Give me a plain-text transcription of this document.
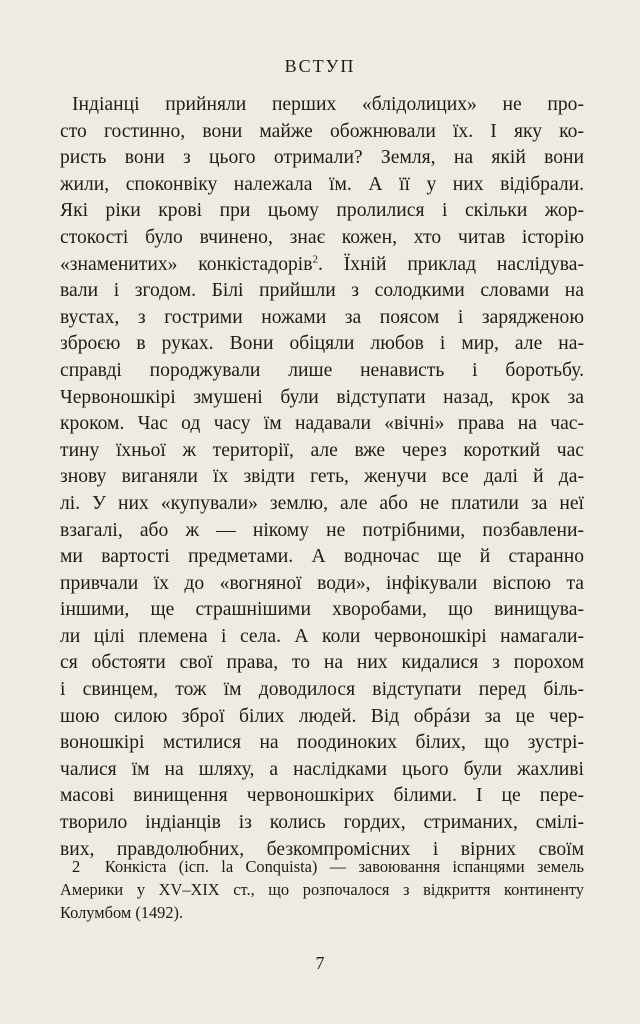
ВСТУП
Індіанці прийняли перших «блідолицих» не про-
сто гостинно, вони майже обожнювали їх. І яку ко-
ристь вони з цього отримали? Земля, на якій вони
жили, споконвіку належала їм. А її у них відібрали.
Які ріки крові при цьому пролилися і скільки жор-
стокості було вчинено, знає кожен, хто читав історію
«знаменитих» конкістадорів$^2$. Їхній приклад наслідува-
вали і згодом. Білі прийшли з солодкими словами на
вустах, з гострими ножами за поясом і зарядженою
зброєю в руках. Вони обіцяли любов і мир, але на-
справді породжували лише ненависть і боротьбу.
Червоношкірі змушені були відступати назад, крок за
кроком. Час од часу їм надавали «вічні» права на час-
тину їхньої ж території, але вже через короткий час
знову виганяли їх звідти геть, женучи все далі й да-
лі. У них «купували» землю, але або не платили за неї
взагалі, або ж — нікому не потрібними, позбавлени-
ми вартості предметами. А водночас ще й старанно
привчали їх до «вогняної води», інфікували віспою та
іншими, ще страшнішими хворобами, що винищува-
ли цілі племена і села. А коли червоношкірі намагали-
ся обстояти свої права, то на них кидалися з порохом
і свинцем, тож їм доводилося відступати перед біль-
шою силою зброї білих людей. Від обрáзи за це чер-
воношкірі мстилися на поодиноких білих, що зустрі-
чалися їм на шляху, а наслідками цього були жахливі
масові винищення червоношкірих білими. І це пере-
творило індіанців із колись гордих, стриманих, смілі-
вих, правдолюбних, безкомпромісних і вірних своїм
2 Конкіста (ісп. la Conquista) — завоювання іспанцями земель
Америки у XV–XIX ст., що розпочалося з відкриття континенту
Колумбом (1492).
7
